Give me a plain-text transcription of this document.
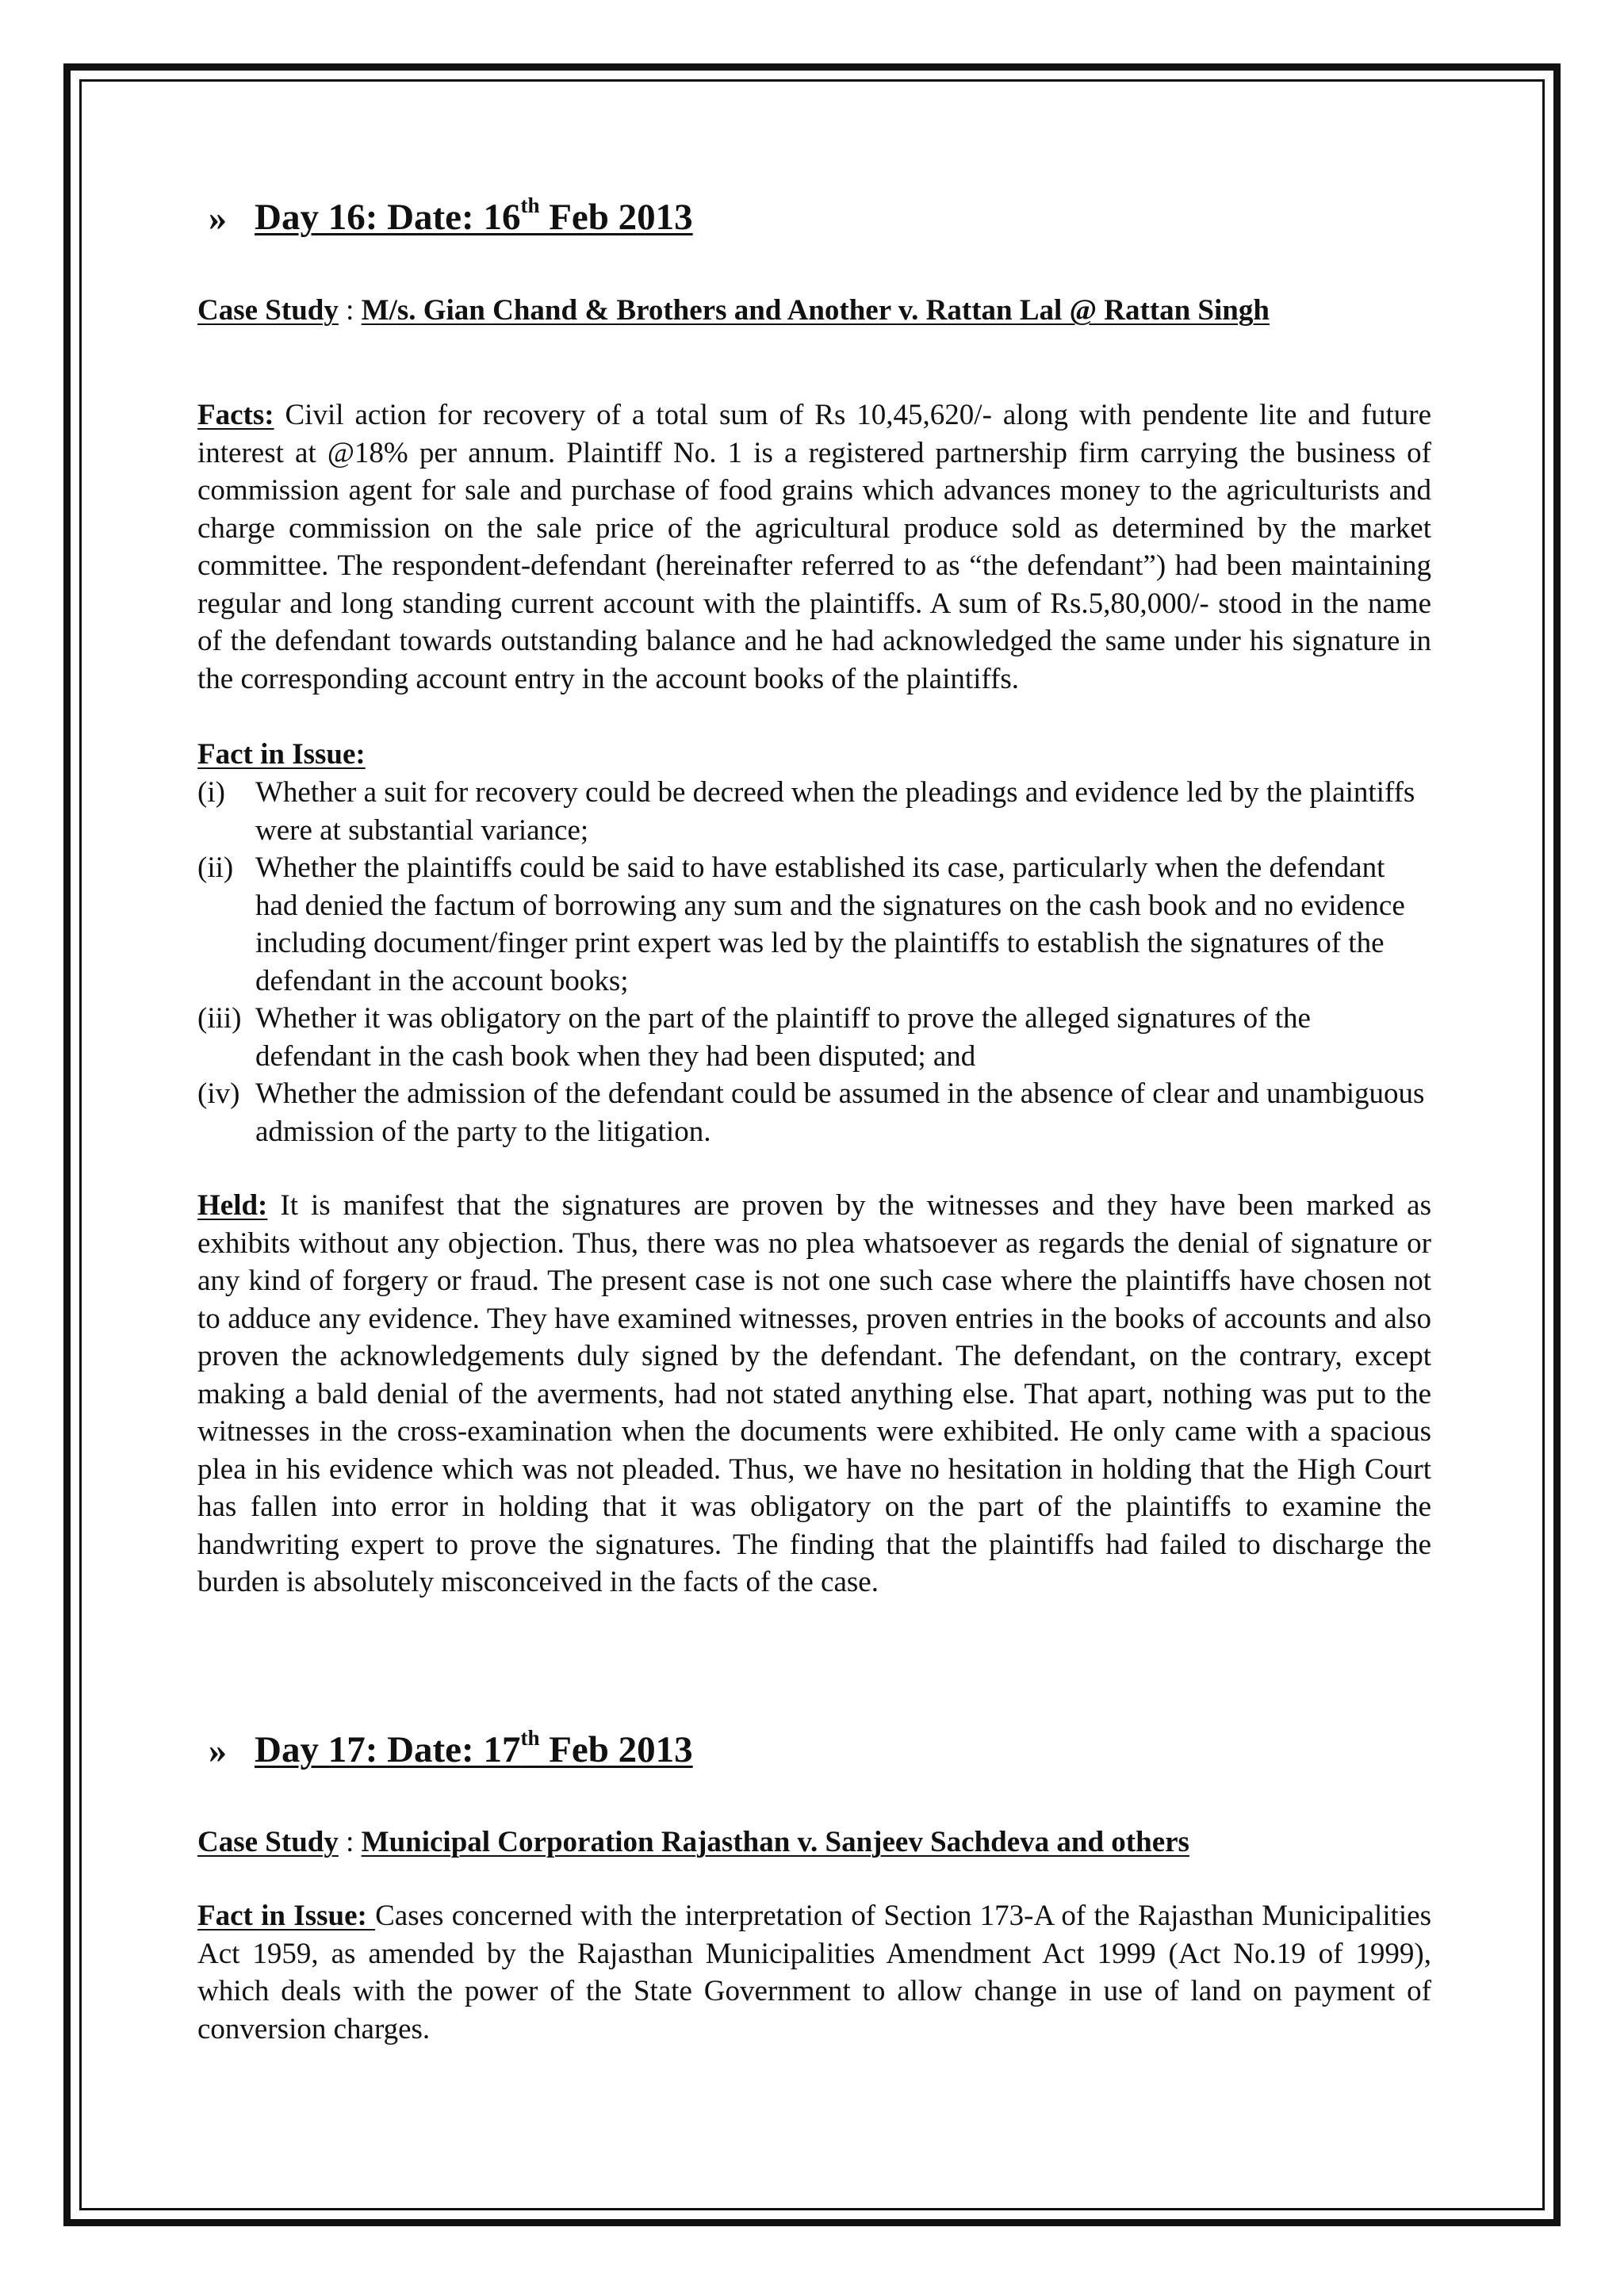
» Day 16: Date: 16th Feb 2013
Case Study : M/s. Gian Chand & Brothers and Another v. Rattan Lal @ Rattan Singh

Facts: Civil action for recovery of a total sum of Rs 10,45,620/- along with pendente lite and future interest at @18% per annum. Plaintiff No. 1 is a registered partnership firm carrying the business of commission agent for sale and purchase of food grains which advances money to the agriculturists and charge commission on the sale price of the agricultural produce sold as determined by the market committee. The respondent-defendant (hereinafter referred to as “the defendant”) had been maintaining regular and long standing current account with the plaintiffs. A sum of Rs.5,80,000/- stood in the name of the defendant towards outstanding balance and he had acknowledged the same under his signature in the corresponding account entry in the account books of the plaintiffs.

Fact in Issue:
(i) Whether a suit for recovery could be decreed when the pleadings and evidence led by the plaintiffs were at substantial variance;
(ii) Whether the plaintiffs could be said to have established its case, particularly when the defendant had denied the factum of borrowing any sum and the signatures on the cash book and no evidence including document/finger print expert was led by the plaintiffs to establish the signatures of the defendant in the account books;
(iii) Whether it was obligatory on the part of the plaintiff to prove the alleged signatures of the defendant in the cash book when they had been disputed; and
(iv) Whether the admission of the defendant could be assumed in the absence of clear and unambiguous admission of the party to the litigation.

Held: It is manifest that the signatures are proven by the witnesses and they have been marked as exhibits without any objection. Thus, there was no plea whatsoever as regards the denial of signature or any kind of forgery or fraud. The present case is not one such case where the plaintiffs have chosen not to adduce any evidence. They have examined witnesses, proven entries in the books of accounts and also proven the acknowledgements duly signed by the defendant. The defendant, on the contrary, except making a bald denial of the averments, had not stated anything else. That apart, nothing was put to the witnesses in the cross-examination when the documents were exhibited. He only came with a spacious plea in his evidence which was not pleaded. Thus, we have no hesitation in holding that the High Court has fallen into error in holding that it was obligatory on the part of the plaintiffs to examine the handwriting expert to prove the signatures. The finding that the plaintiffs had failed to discharge the burden is absolutely misconceived in the facts of the case.

» Day 17: Date: 17th Feb 2013
Case Study : Municipal Corporation Rajasthan v. Sanjeev Sachdeva and others

Fact in Issue: Cases concerned with the interpretation of Section 173-A of the Rajasthan Municipalities Act 1959, as amended by the Rajasthan Municipalities Amendment Act 1999 (Act No.19 of 1999), which deals with the power of the State Government to allow change in use of land on payment of conversion charges.
